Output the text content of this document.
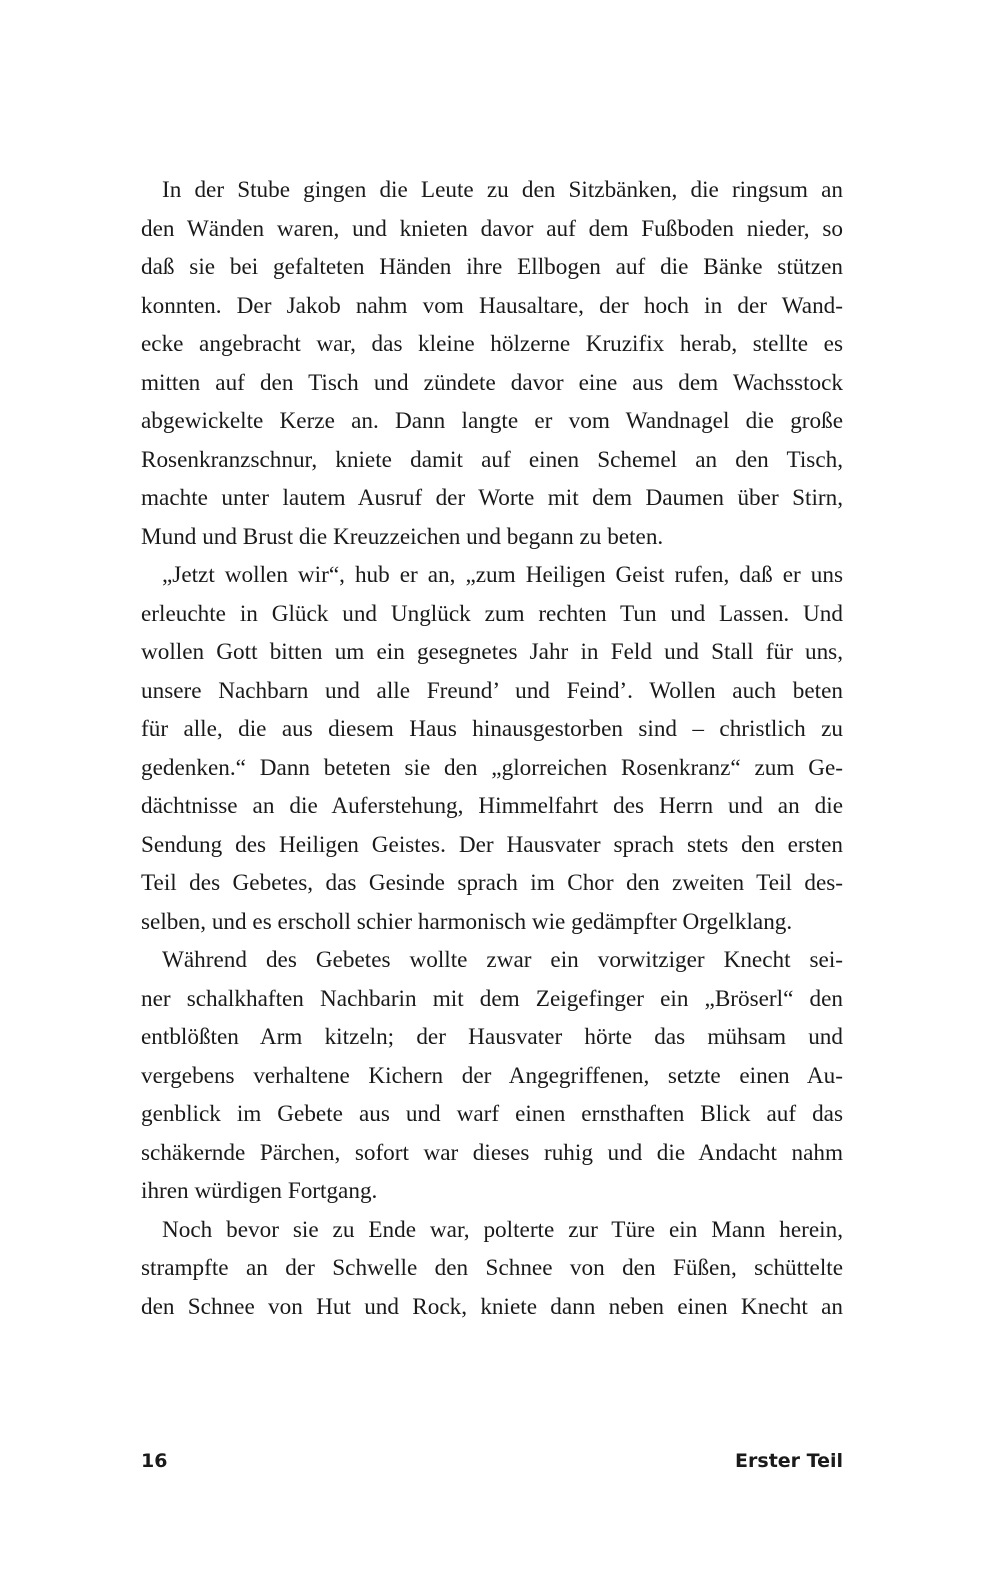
In der Stube gingen die Leute zu den Sitzbänken, die ringsum an
den Wänden waren, und knieten davor auf dem Fußboden nieder, so
daß sie bei gefalteten Händen ihre Ellbogen auf die Bänke stützen
konnten. Der Jakob nahm vom Hausaltare, der hoch in der Wand-
ecke angebracht war, das kleine hölzerne Kruzifix herab, stellte es
mitten auf den Tisch und zündete davor eine aus dem Wachsstock
abgewickelte Kerze an. Dann langte er vom Wandnagel die große
Rosenkranzschnur, kniete damit auf einen Schemel an den Tisch,
machte unter lautem Ausruf der Worte mit dem Daumen über Stirn,
Mund und Brust die Kreuzzeichen und begann zu beten.
„Jetzt wollen wir“, hub er an, „zum Heiligen Geist rufen, daß er uns
erleuchte in Glück und Unglück zum rechten Tun und Lassen. Und
wollen Gott bitten um ein gesegnetes Jahr in Feld und Stall für uns,
unsere Nachbarn und alle Freund’ und Feind’. Wollen auch beten
für alle, die aus diesem Haus hinausgestorben sind – christlich zu
gedenken.“ Dann beteten sie den „glorreichen Rosenkranz“ zum Ge-
dächtnisse an die Auferstehung, Himmelfahrt des Herrn und an die
Sendung des Heiligen Geistes. Der Hausvater sprach stets den ersten
Teil des Gebetes, das Gesinde sprach im Chor den zweiten Teil des-
selben, und es erscholl schier harmonisch wie gedämpfter Orgelklang.
Während des Gebetes wollte zwar ein vorwitziger Knecht sei-
ner schalkhaften Nachbarin mit dem Zeigefinger ein „Bröserl“ den
entblößten Arm kitzeln; der Hausvater hörte das mühsam und
vergebens verhaltene Kichern der Angegriffenen, setzte einen Au-
genblick im Gebete aus und warf einen ernsthaften Blick auf das
schäkernde Pärchen, sofort war dieses ruhig und die Andacht nahm
ihren würdigen Fortgang.
Noch bevor sie zu Ende war, polterte zur Türe ein Mann herein,
strampfte an der Schwelle den Schnee von den Füßen, schüttelte
den Schnee von Hut und Rock, kniete dann neben einen Knecht an
16	Erster Teil
